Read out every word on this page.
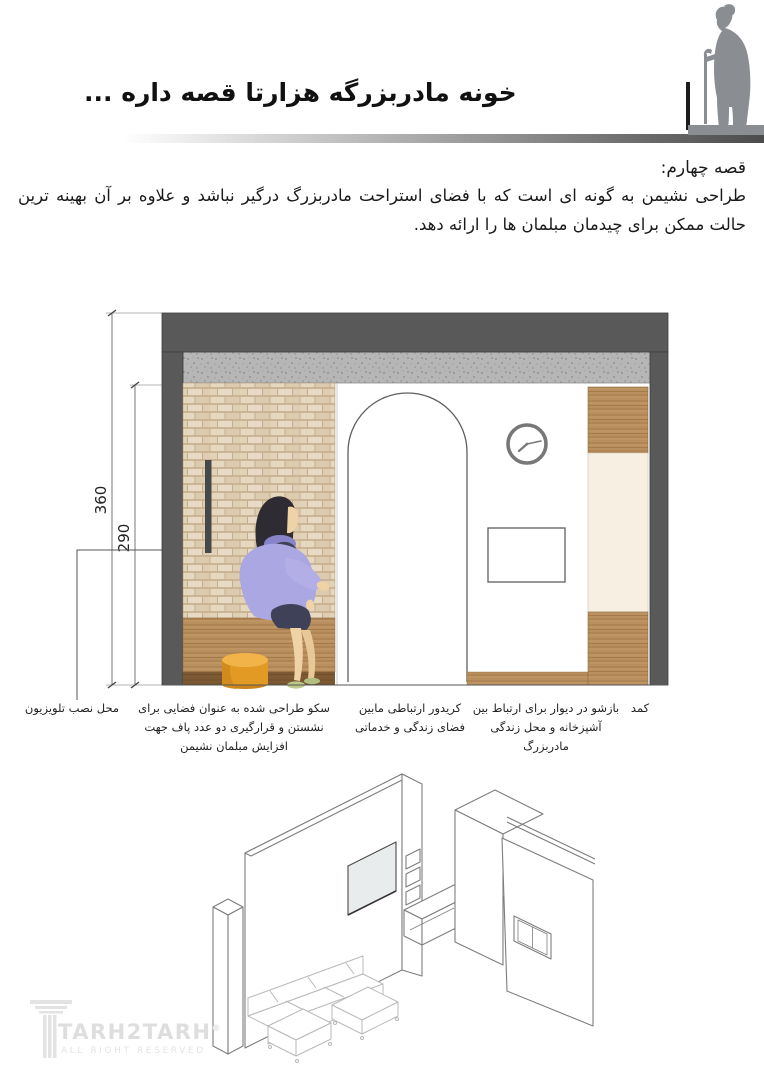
خونه مادربزرگه هزارتا قصه داره ...

قصه چهارم:

طراحی نشیمن به گونه ای است که با فضای استراحت مادربزرگ درگیر نباشد و علاوه بر آن بهینه ترین حالت ممکن برای چیدمان مبلمان ها را ارائه دهد.

360
290
محل نصب تلویزیون	سکو طراحی شده به عنوان فضایی برای نشستن و قرارگیری دو عدد پاف جهت افزایش مبلمان نشیمن
کریدور ارتباطی مابین فضای زندگی و خدماتی
بازشو در دیوار برای ارتباط بین آشپزخانه و محل زندگی مادربزرگ
کمد
TARH2TARH®
ALL RIGHT RESERVED
